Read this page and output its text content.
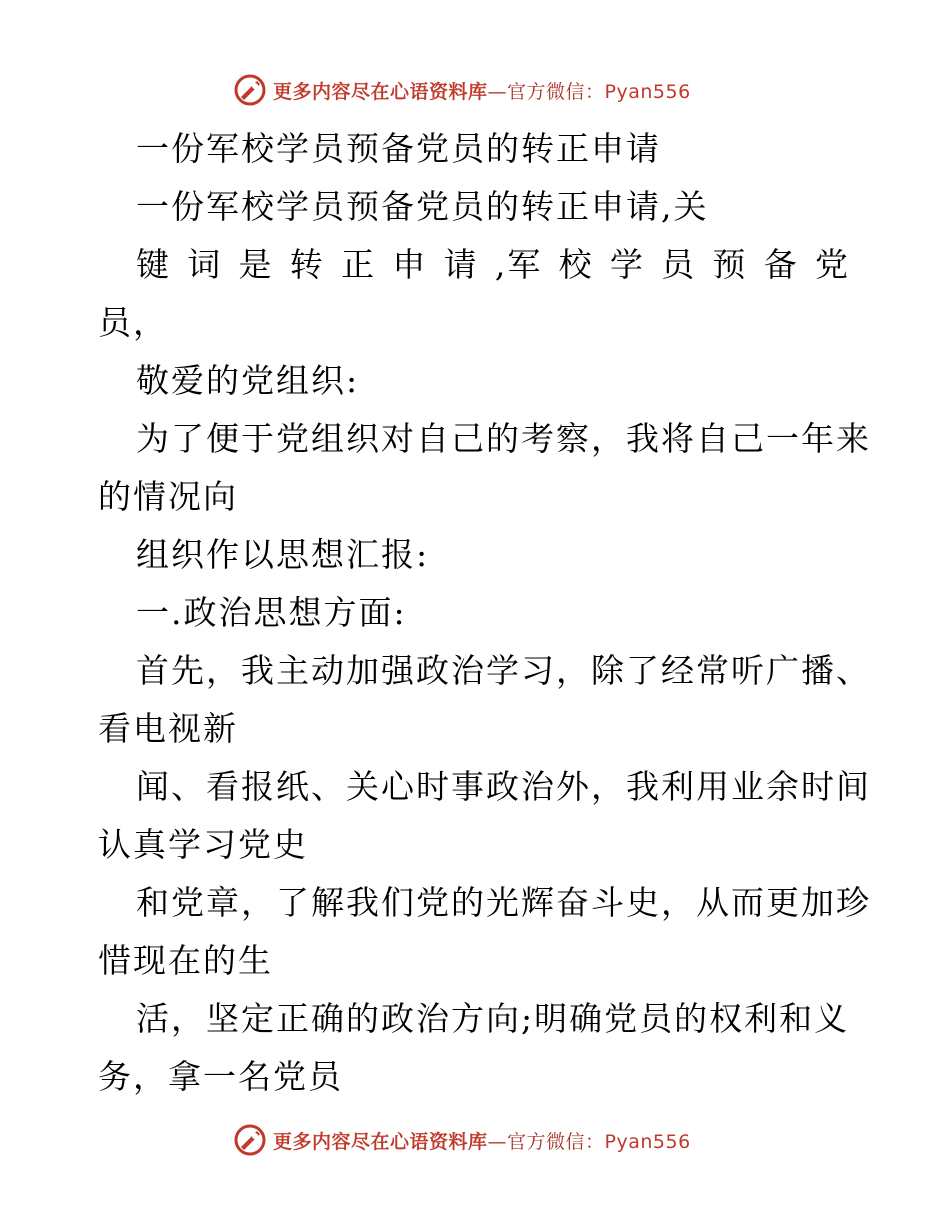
更多内容尽在心语资料库—官方微信：Pyan556
一份军校学员预备党员的转正申请
一份军校学员预备党员的转正申请,关
键 词 是 转 正 申 请 ,军 校 学 员 预 备 党
员，
敬爱的党组织:
为了便于党组织对自己的考察，我将自己一年来
的情况向
组织作以思想汇报:
一.政治思想方面:
首先，我主动加强政治学习，除了经常听广播、
看电视新
闻、看报纸、关心时事政治外，我利用业余时间
认真学习党史
和党章，了解我们党的光辉奋斗史，从而更加珍
惜现在的生
活，坚定正确的政治方向;明确党员的权利和义
务，拿一名党员
更多内容尽在心语资料库—官方微信：Pyan556
